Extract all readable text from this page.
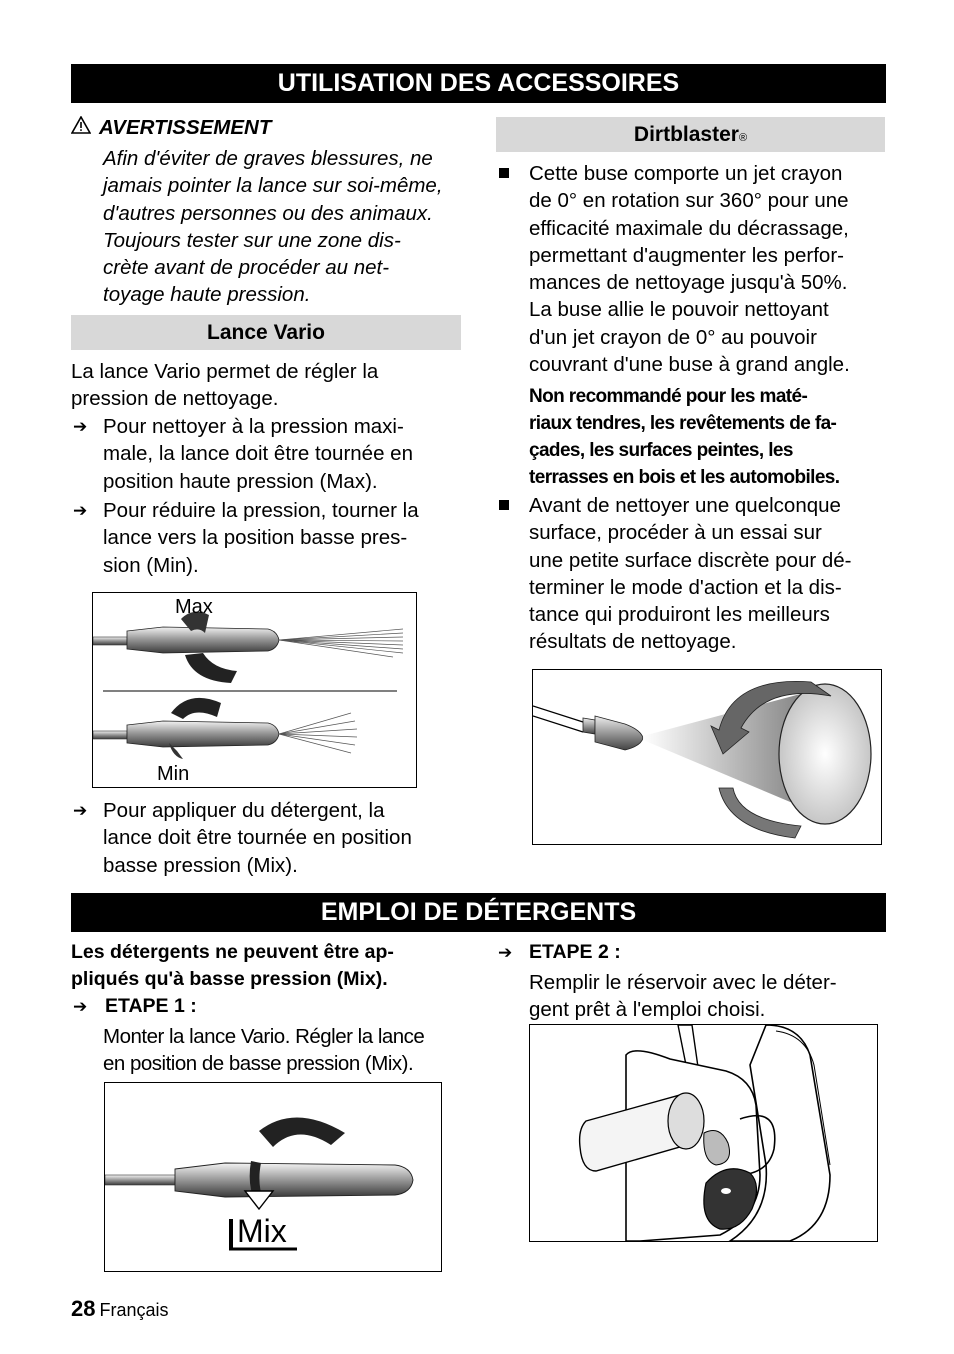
UTILISATION DES ACCESSOIRES
AVERTISSEMENT
Afin d'éviter de graves blessures, ne
jamais pointer la lance sur soi-même,
d'autres personnes ou des animaux.
Toujours tester sur une zone dis-
crète avant de procéder au net-
toyage haute pression.
Lance Vario
La lance Vario permet de régler la
pression de nettoyage.
➔ Pour nettoyer à la pression maxi-
male, la lance doit être tournée en
position haute pression (Max).
➔ Pour réduire la pression, tourner la
lance vers la position basse pres-
sion (Min).
Max
Min
➔ Pour appliquer du détergent, la
lance doit être tournée en position
basse pression (Mix).
Dirtblaster®
Cette buse comporte un jet crayon
de 0° en rotation sur 360° pour une
efficacité maximale du décrassage,
permettant d'augmenter les perfor-
mances de nettoyage jusqu'à 50%.
La buse allie le pouvoir nettoyant
d'un jet crayon de 0° au pouvoir
couvrant d'une buse à grand angle.
Non recommandé pour les maté-
riaux tendres, les revêtements de fa-
çades, les surfaces peintes, les
terrasses en bois et les automobiles.
Avant de nettoyer une quelconque
surface, procéder à un essai sur
une petite surface discrète pour dé-
terminer le mode d'action et la dis-
tance qui produiront les meilleurs
résultats de nettoyage.
EMPLOI DE DÉTERGENTS
Les détergents ne peuvent être ap-
pliqués qu'à basse pression (Mix).
➔ ETAPE 1 :
Monter la lance Vario. Régler la lance
en position de basse pression (Mix).
Mix
➔ ETAPE 2 :
Remplir le réservoir avec le déter-
gent prêt à l'emploi choisi.
28 Français
